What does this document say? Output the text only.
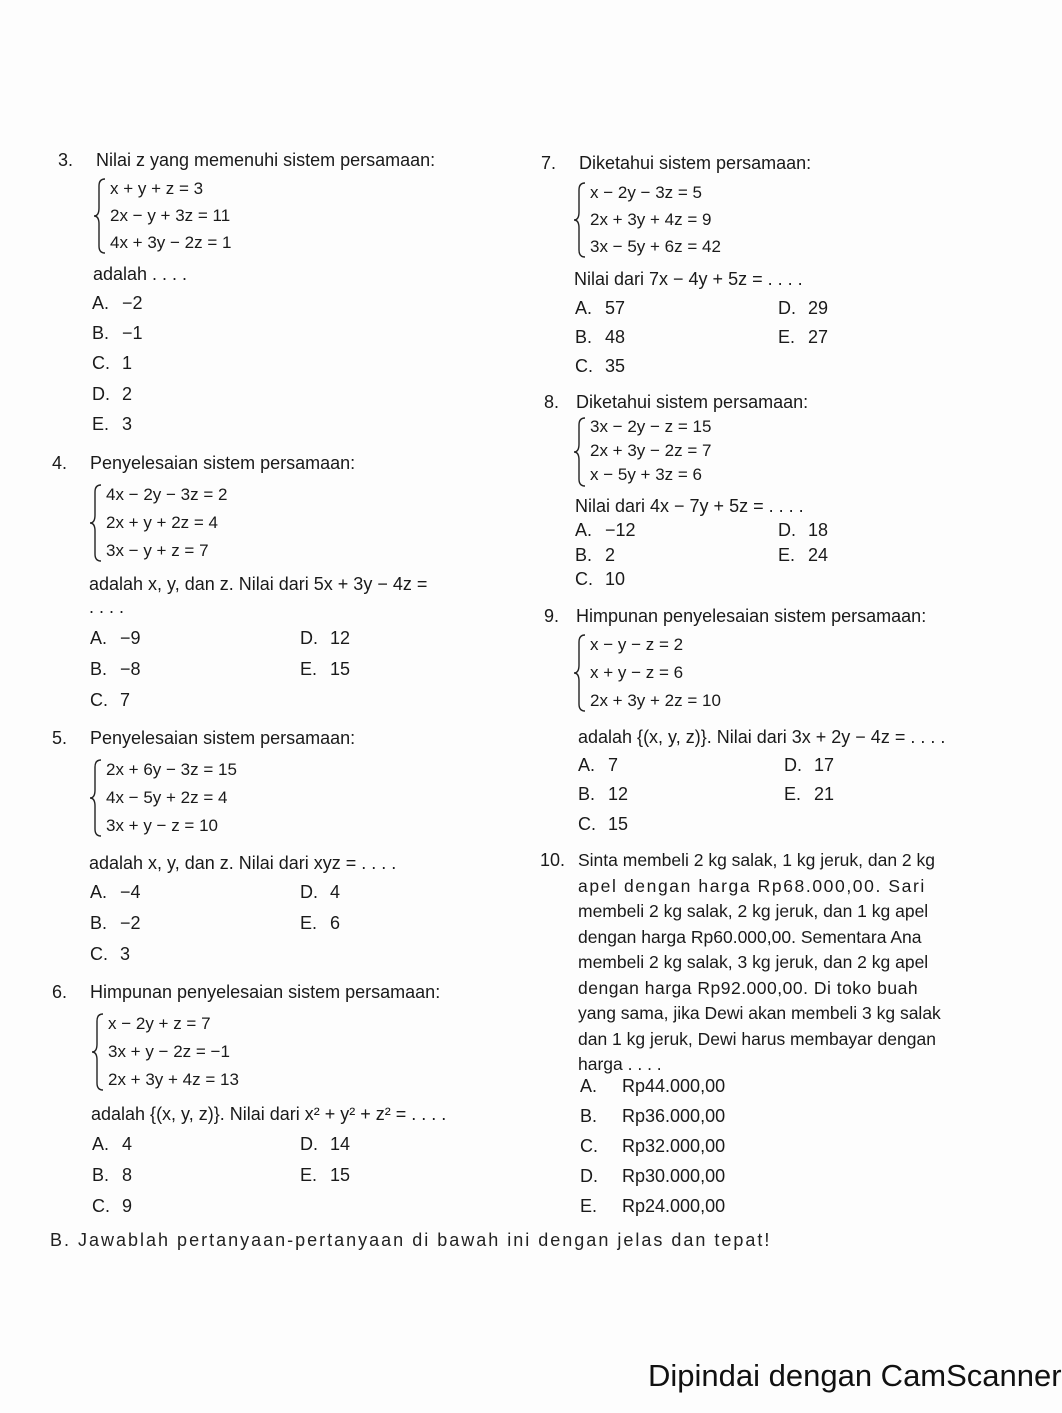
3. Nilai z yang memenuhi sistem persamaan:
x + y + z = 3
2x − y + 3z = 11
4x + 3y − 2z = 1
adalah . . . .
A. −2
B. −1
C. 1
D. 2
E. 3
4. Penyelesaian sistem persamaan:
4x − 2y − 3z = 2
2x + y + 2z = 4
3x − y + z = 7
adalah x, y, dan z. Nilai dari 5x + 3y − 4z =
. . . .
A. −9	D. 12
B. −8	E. 15
C. 7
5. Penyelesaian sistem persamaan:
2x + 6y − 3z = 15
4x − 5y + 2z = 4
3x + y − z = 10
adalah x, y, dan z. Nilai dari xyz = . . . .
A. −4	D. 4
B. −2	E. 6
C. 3
6. Himpunan penyelesaian sistem persamaan:
x − 2y + z = 7
3x + y − 2z = −1
2x + 3y + 4z = 13
adalah {(x, y, z)}. Nilai dari x² + y² + z² = . . . .
A. 4	D. 14
B. 8	E. 15
C. 9
7. Diketahui sistem persamaan:
x − 2y − 3z = 5
2x + 3y + 4z = 9
3x − 5y + 6z = 42
Nilai dari 7x − 4y + 5z = . . . .
A. 57	D. 29
B. 48	E. 27
C. 35
8. Diketahui sistem persamaan:
3x − 2y − z = 15
2x + 3y − 2z = 7
x − 5y + 3z = 6
Nilai dari 4x − 7y + 5z = . . . .
A. −12	D. 18
B. 2	E. 24
C. 10
9. Himpunan penyelesaian sistem persamaan:
x − y − z = 2
x + y − z = 6
2x + 3y + 2z = 10
adalah {(x, y, z)}. Nilai dari 3x + 2y − 4z = . . . .
A. 7	D. 17
B. 12	E. 21
C. 15
10. Sinta membeli 2 kg salak, 1 kg jeruk, dan 2 kg
apel dengan harga Rp68.000,00. Sari
membeli 2 kg salak, 2 kg jeruk, dan 1 kg apel
dengan harga Rp60.000,00. Sementara Ana
membeli 2 kg salak, 3 kg jeruk, dan 2 kg apel
dengan harga Rp92.000,00. Di toko buah
yang sama, jika Dewi akan membeli 3 kg salak
dan 1 kg jeruk, Dewi harus membayar dengan
harga . . . .
A. Rp44.000,00
B. Rp36.000,00
C. Rp32.000,00
D. Rp30.000,00
E. Rp24.000,00
B. Jawablah pertanyaan-pertanyaan di bawah ini dengan jelas dan tepat!
Dipindai dengan CamScanner
